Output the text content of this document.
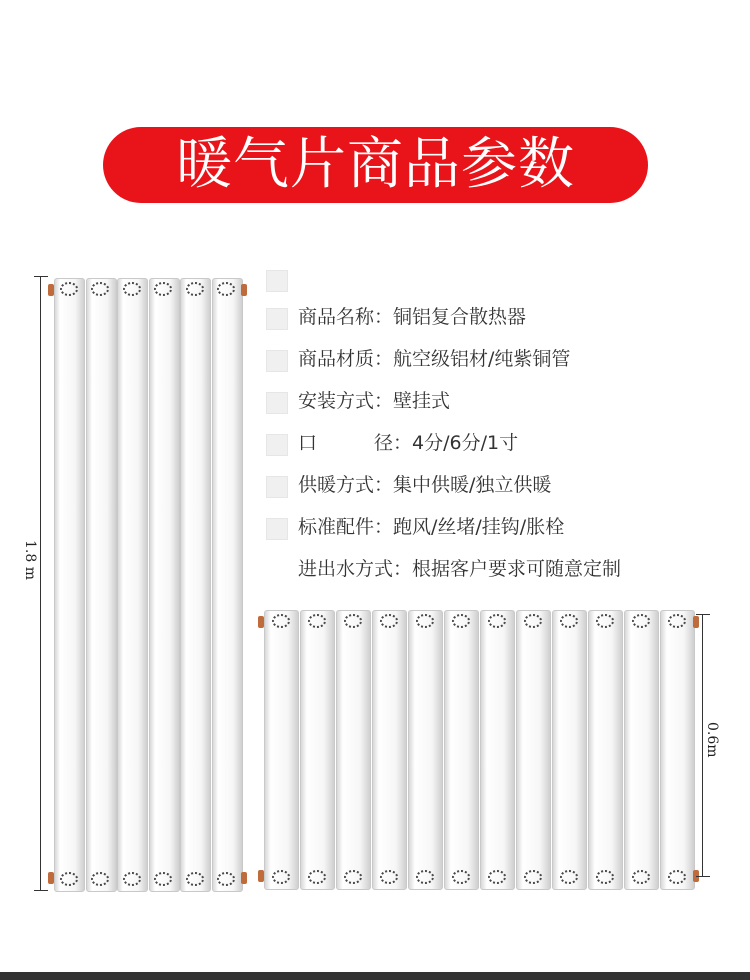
暖气片商品参数
1.8 m
商品名称：铜铝复合散热器
商品材质：航空级铝材/纯紫铜管
安装方式：壁挂式
口　　　径：4分/6分/1寸
供暖方式：集中供暖/独立供暖
标准配件：跑风/丝堵/挂钩/胀栓
进出水方式：根据客户要求可随意定制
0.6m
